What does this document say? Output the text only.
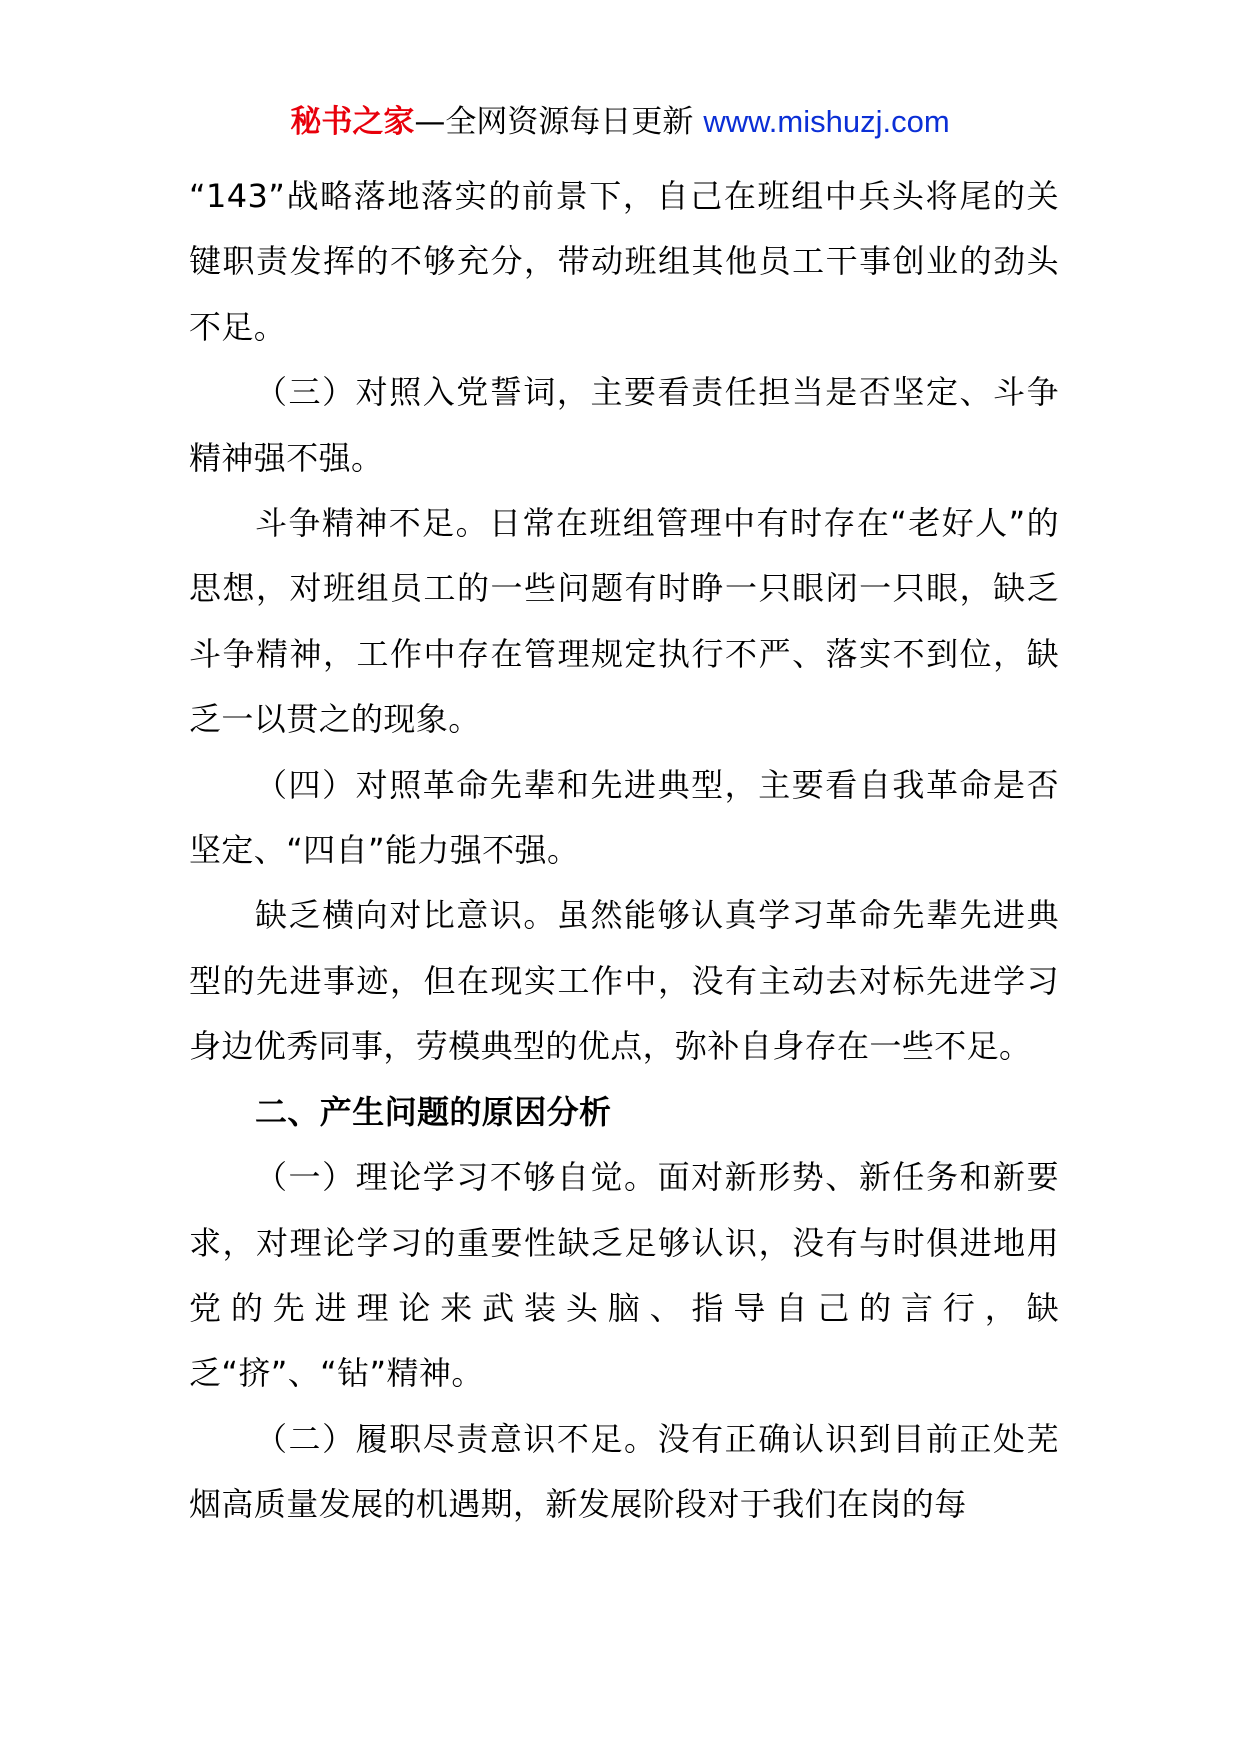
秘书之家—全网资源每日更新 www.mishuzj.com

“143”战略落地落实的前景下，自己在班组中兵头将尾的关键职责发挥的不够充分，带动班组其他员工干事创业的劲头不足。

（三）对照入党誓词，主要看责任担当是否坚定、斗争精神强不强。

斗争精神不足。日常在班组管理中有时存在“老好人”的思想，对班组员工的一些问题有时睁一只眼闭一只眼，缺乏斗争精神，工作中存在管理规定执行不严、落实不到位，缺乏一以贯之的现象。

（四）对照革命先辈和先进典型，主要看自我革命是否坚定、“四自”能力强不强。

缺乏横向对比意识。虽然能够认真学习革命先辈先进典型的先进事迹，但在现实工作中，没有主动去对标先进学习身边优秀同事，劳模典型的优点，弥补自身存在一些不足。

二、产生问题的原因分析

（一）理论学习不够自觉。面对新形势、新任务和新要求，对理论学习的重要性缺乏足够认识，没有与时俱进地用党的先进理论来武装头脑、指导自己的言行，缺乏“挤”、“钻”精神。

（二）履职尽责意识不足。没有正确认识到目前正处芜烟高质量发展的机遇期，新发展阶段对于我们在岗的每
